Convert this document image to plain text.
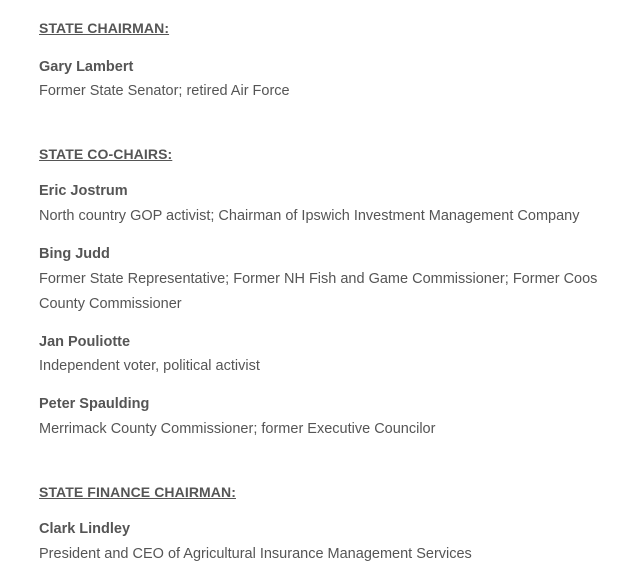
STATE CHAIRMAN:
Gary Lambert
Former State Senator; retired Air Force
STATE CO-CHAIRS:
Eric Jostrum
North country GOP activist; Chairman of Ipswich Investment Management Company
Bing Judd
Former State Representative; Former NH Fish and Game Commissioner; Former Coos County Commissioner
Jan Pouliotte
Independent voter, political activist
Peter Spaulding
Merrimack County Commissioner; former Executive Councilor
STATE FINANCE CHAIRMAN:
Clark Lindley
President and CEO of Agricultural Insurance Management Services
